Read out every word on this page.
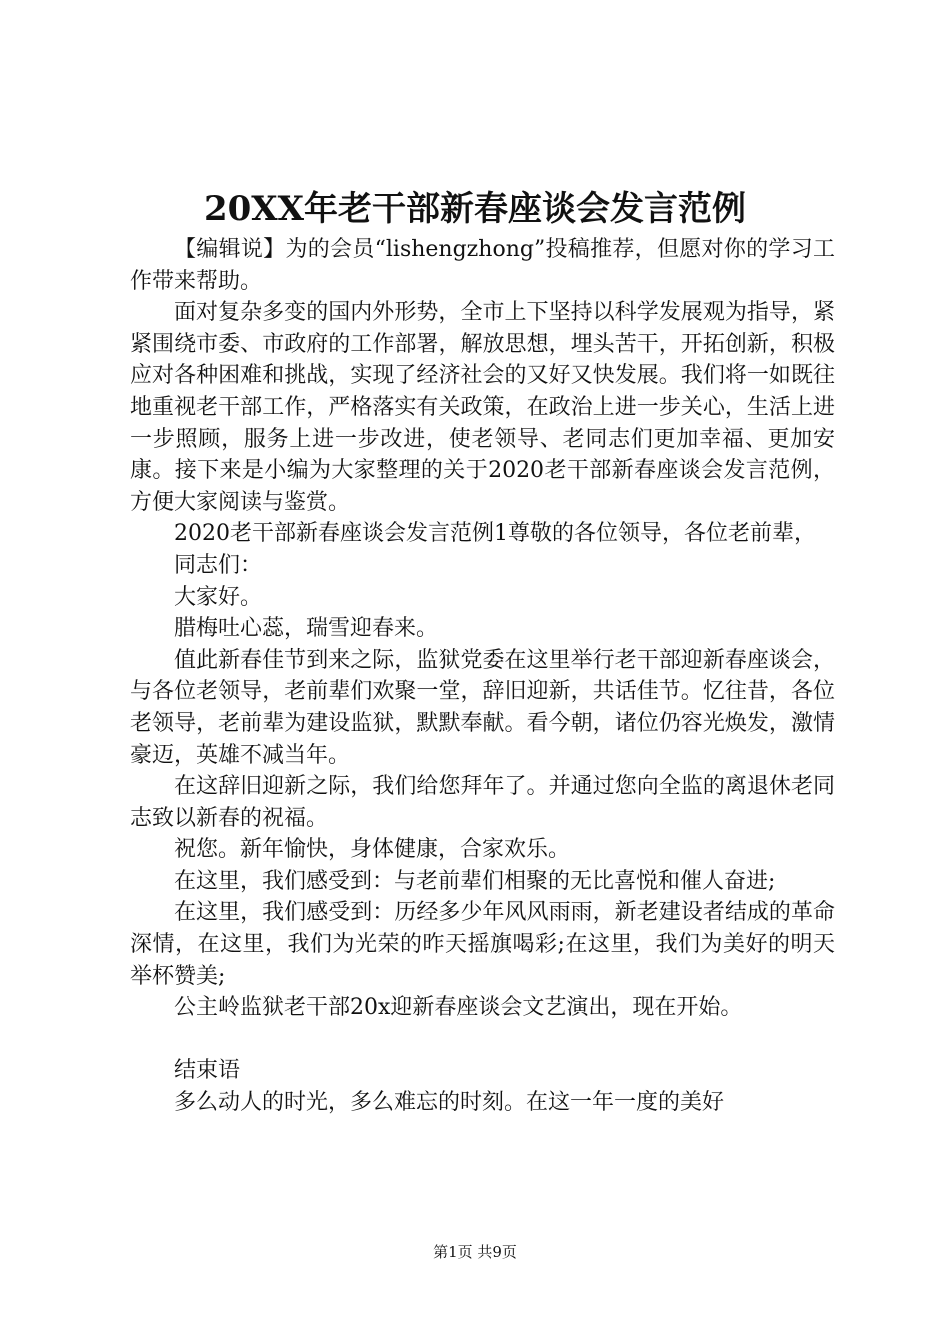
20XX年老干部新春座谈会发言范例

【编辑说】为的会员“lishengzhong”投稿推荐，但愿对你的学习工作带来帮助。

面对复杂多变的国内外形势，全市上下坚持以科学发展观为指导，紧紧围绕市委、市政府的工作部署，解放思想，埋头苦干，开拓创新，积极应对各种困难和挑战，实现了经济社会的又好又快发展。我们将一如既往地重视老干部工作，严格落实有关政策，在政治上进一步关心，生活上进一步照顾，服务上进一步改进，使老领导、老同志们更加幸福、更加安康。接下来是小编为大家整理的关于2020老干部新春座谈会发言范例，方便大家阅读与鉴赏。

2020老干部新春座谈会发言范例1尊敬的各位领导，各位老前辈，

同志们：

大家好。

腊梅吐心蕊，瑞雪迎春来。

值此新春佳节到来之际，监狱党委在这里举行老干部迎新春座谈会，与各位老领导，老前辈们欢聚一堂，辞旧迎新，共话佳节。忆往昔，各位老领导，老前辈为建设监狱，默默奉献。看今朝，诸位仍容光焕发，激情豪迈，英雄不减当年。

在这辞旧迎新之际，我们给您拜年了。并通过您向全监的离退休老同志致以新春的祝福。

祝您。新年愉快，身体健康，合家欢乐。

在这里，我们感受到：与老前辈们相聚的无比喜悦和催人奋进;

在这里，我们感受到：历经多少年风风雨雨，新老建设者结成的革命深情，在这里，我们为光荣的昨天摇旗喝彩;在这里，我们为美好的明天举杯赞美;

公主岭监狱老干部20x迎新春座谈会文艺演出，现在开始。

结束语

多么动人的时光，多么难忘的时刻。在这一年一度的美好

第1页 共9页
